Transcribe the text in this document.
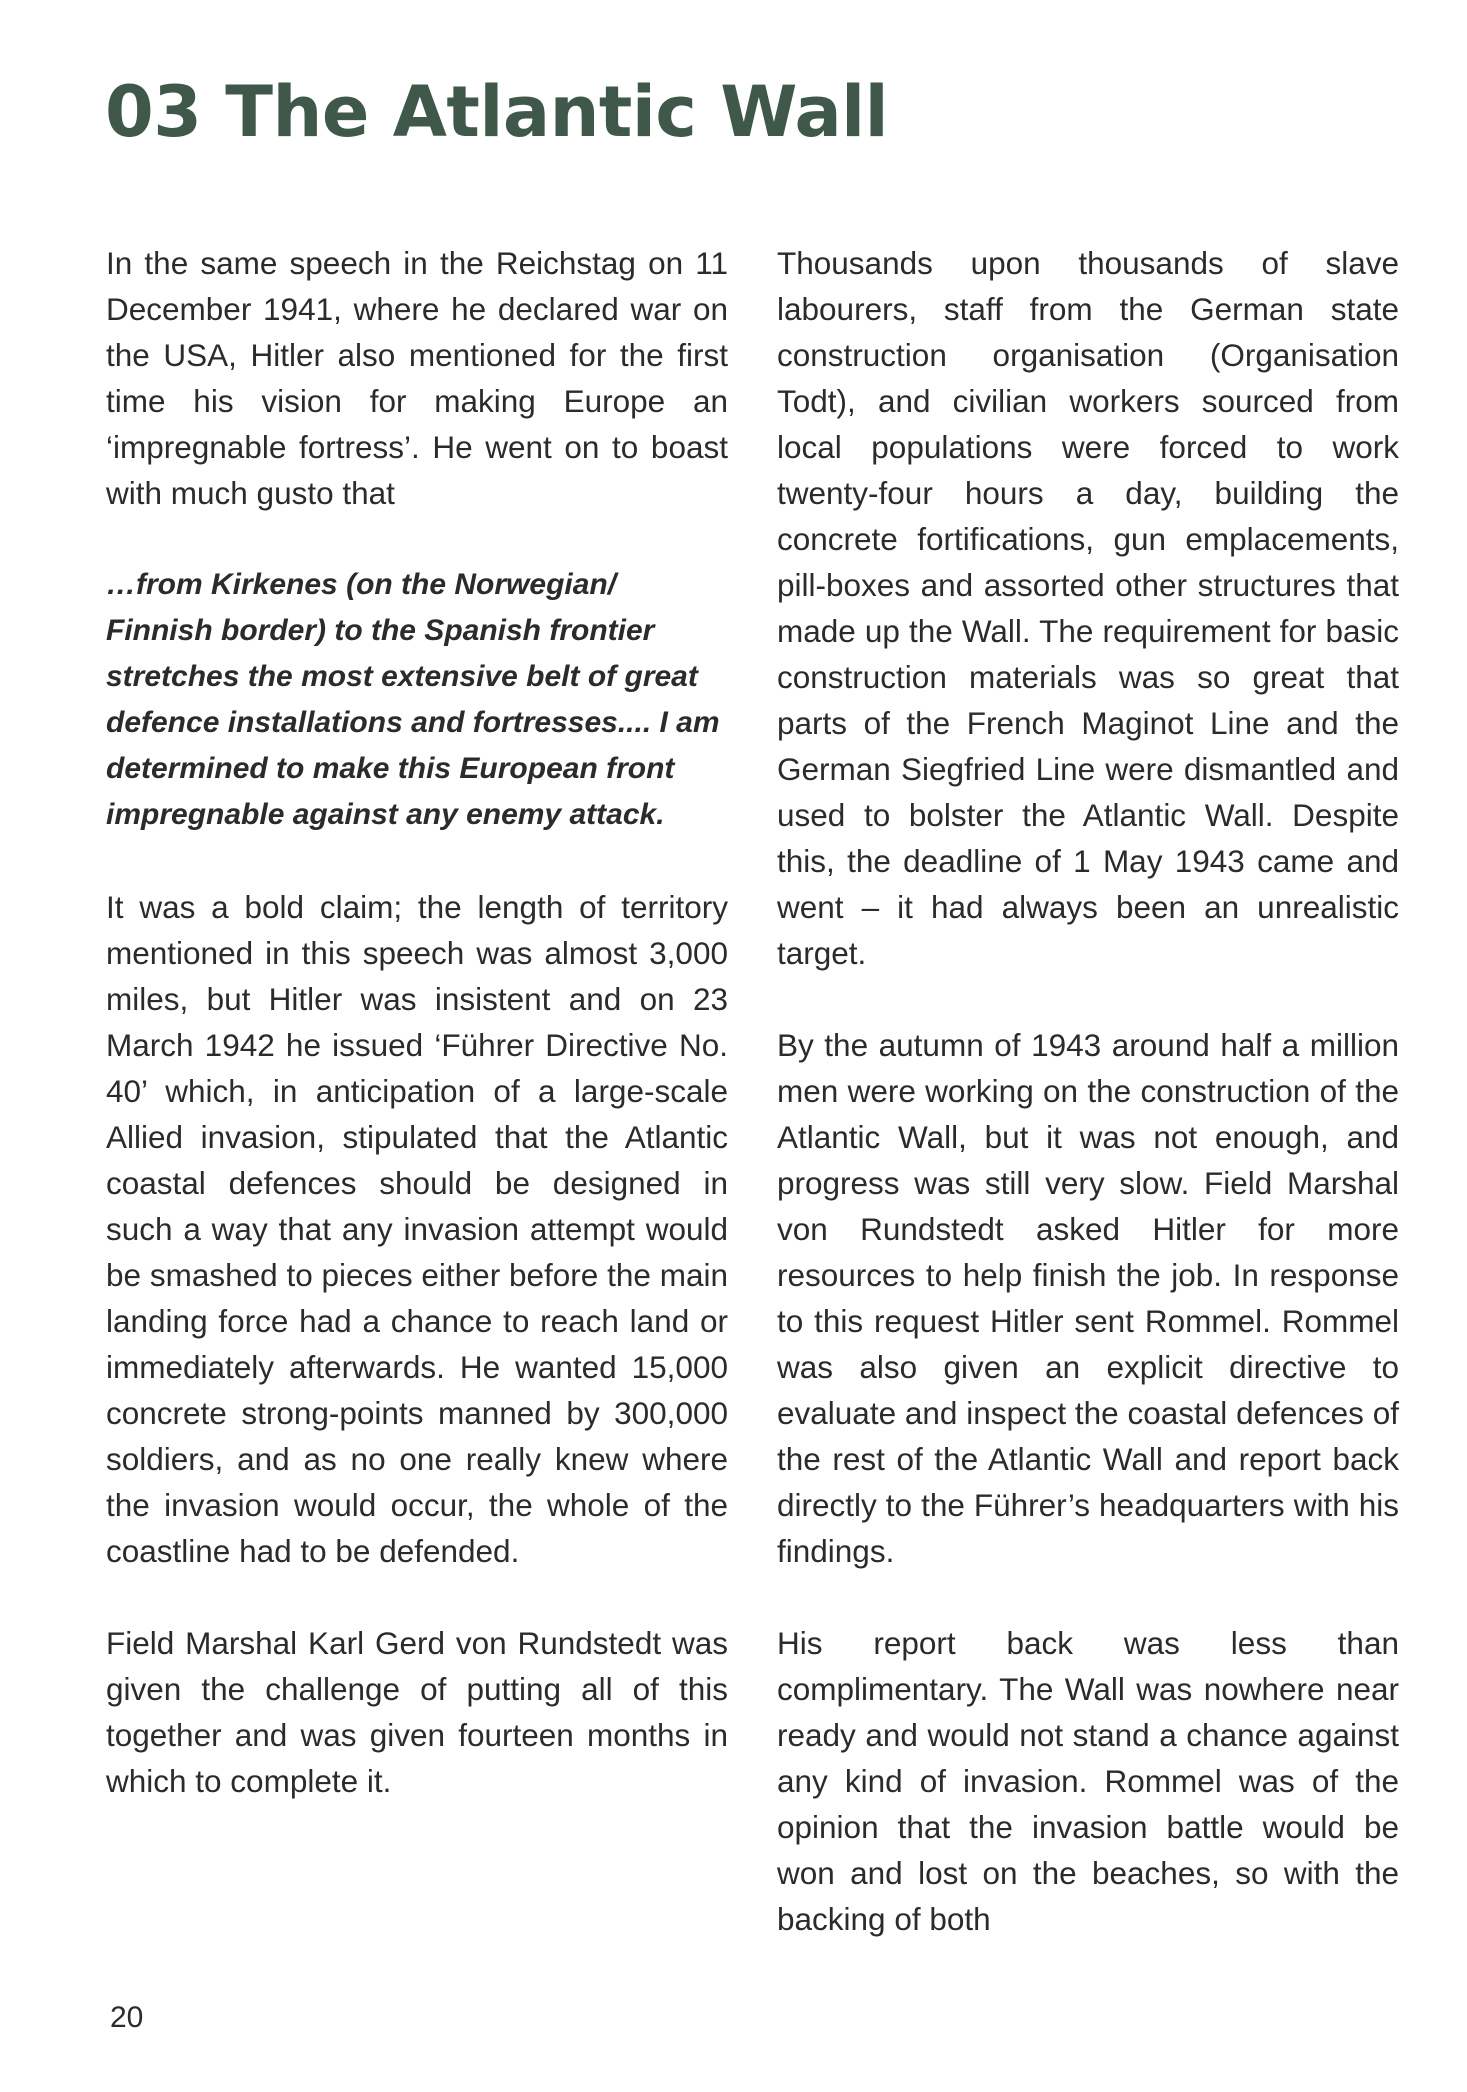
03 The Atlantic Wall

In the same speech in the Reichstag on 11 December 1941, where he declared war on the USA, Hitler also mentioned for the first time his vision for making Europe an ‘impregnable fortress’. He went on to boast with much gusto that

…from Kirkenes (on the Norwegian/ Finnish border) to the Spanish frontier stretches the most extensive belt of great defence installations and fortresses.... I am determined to make this European front impregnable against any enemy attack.

It was a bold claim; the length of territory mentioned in this speech was almost 3,000 miles, but Hitler was insistent and on 23 March 1942 he issued ‘Führer Directive No. 40’ which, in anticipation of a large-scale Allied invasion, stipulated that the Atlantic coastal defences should be designed in such a way that any invasion attempt would be smashed to pieces either before the main landing force had a chance to reach land or immediately afterwards. He wanted 15,000 concrete strong-points manned by 300,000 soldiers, and as no one really knew where the invasion would occur, the whole of the coastline had to be defended.

Field Marshal Karl Gerd von Rundstedt was given the challenge of putting all of this together and was given fourteen months in which to complete it.

Thousands upon thousands of slave labourers, staff from the German state construction organisation (Organisation Todt), and civilian workers sourced from local populations were forced to work twenty-four hours a day, building the concrete fortifications, gun emplacements, pill-boxes and assorted other structures that made up the Wall. The requirement for basic construction materials was so great that parts of the French Maginot Line and the German Siegfried Line were dismantled and used to bolster the Atlantic Wall. Despite this, the deadline of 1 May 1943 came and went – it had always been an unrealistic target.

By the autumn of 1943 around half a million men were working on the construction of the Atlantic Wall, but it was not enough, and progress was still very slow. Field Marshal von Rundstedt asked Hitler for more resources to help finish the job. In response to this request Hitler sent Rommel. Rommel was also given an explicit directive to evaluate and inspect the coastal defences of the rest of the Atlantic Wall and report back directly to the Führer’s headquarters with his findings.

His report back was less than complimentary. The Wall was nowhere near ready and would not stand a chance against any kind of invasion. Rommel was of the opinion that the invasion battle would be won and lost on the beaches, so with the backing of both

20
